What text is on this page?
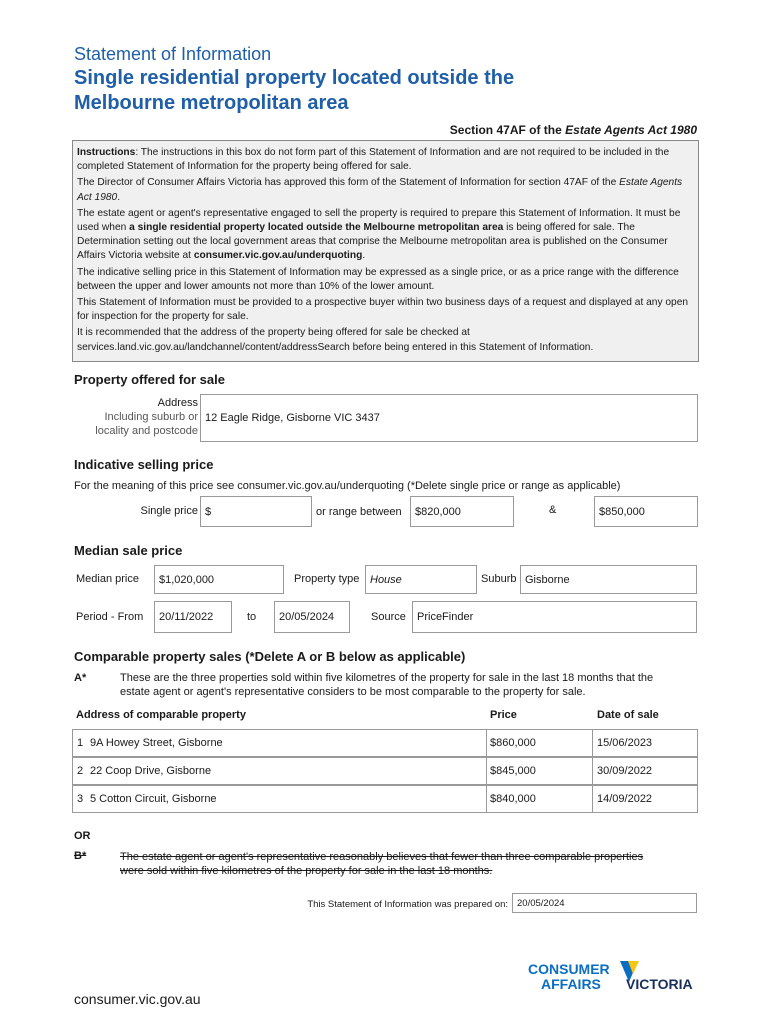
Statement of Information
Single residential property located outside the
Melbourne metropolitan area
Section 47AF of the Estate Agents Act 1980

Instructions: The instructions in this box do not form part of this Statement of Information and are not required to be included in the completed Statement of Information for the property being offered for sale.

The Director of Consumer Affairs Victoria has approved this form of the Statement of Information for section 47AF of the Estate Agents Act 1980.

The estate agent or agent's representative engaged to sell the property is required to prepare this Statement of Information. It must be used when a single residential property located outside the Melbourne metropolitan area is being offered for sale. The Determination setting out the local government areas that comprise the Melbourne metropolitan area is published on the Consumer Affairs Victoria website at consumer.vic.gov.au/underquoting.

The indicative selling price in this Statement of Information may be expressed as a single price, or as a price range with the difference between the upper and lower amounts not more than 10% of the lower amount.

This Statement of Information must be provided to a prospective buyer within two business days of a request and displayed at any open for inspection for the property for sale.

It is recommended that the address of the property being offered for sale be checked at services.land.vic.gov.au/landchannel/content/addressSearch before being entered in this Statement of Information.

Property offered for sale
Address
Including suburb or
locality and postcode
12 Eagle Ridge, Gisborne VIC 3437
Indicative selling price
For the meaning of this price see consumer.vic.gov.au/underquoting (*Delete single price or range as applicable)
Single price $	or range between $820,000	&	$850,000
Median sale price
Median price $1,020,000	Property type House	Suburb Gisborne
Period - From 20/11/2022	to 20/05/2024	Source PriceFinder
Comparable property sales (*Delete A or B below as applicable)
A*	These are the three properties sold within five kilometres of the property for sale in the last 18 months that the
estate agent or agent's representative considers to be most comparable to the property for sale.
Address of comparable property	Price	Date of sale
1 9A Howey Street, Gisborne	$860,000	15/06/2023
2 22 Coop Drive, Gisborne	$845,000	30/09/2022
3 5 Cotton Circuit, Gisborne	$840,000	14/09/2022
OR
B*	The estate agent or agent's representative reasonably believes that fewer than three comparable properties
were sold within five kilometres of the property for sale in the last 18 months.
This Statement of Information was prepared on: 20/05/2024
CONSUMER
AFFAIRS VICTORIA
consumer.vic.gov.au
